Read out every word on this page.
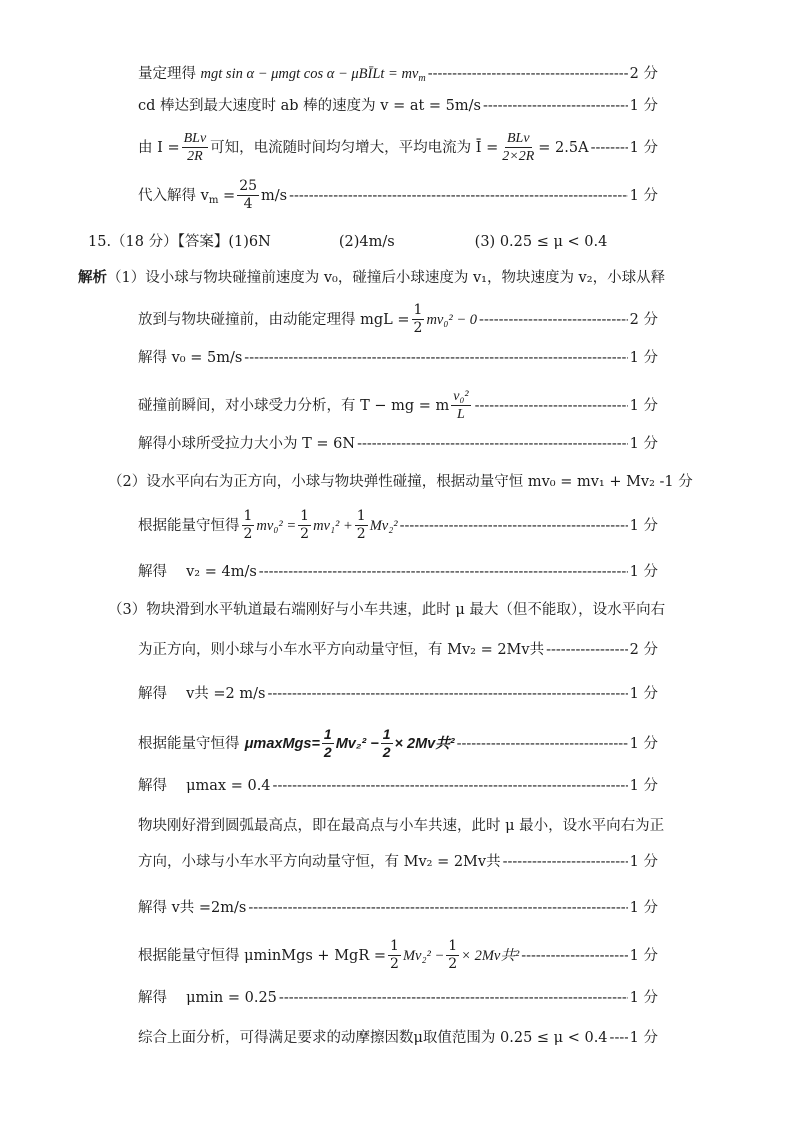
量定理得 mgt sin α − μmgt cos α − μBĪLt = $mv_m$ -----	2 分
cd 棒达到最大速度时 ab 棒的速度为 v = at = 5m/s -----	1 分
由 $I = \frac{\text{BLv}}{2R}$ 可知，电流随时间均匀增大，平均电流为 Ī = $\frac{\text{BLv}}{2\times 2R} = 2.5A$ -----	1 分
代入解得 $v_m = \frac{25}{4} m/s$ -----	1 分
15.（18 分）【答案】 (1)6N	(2)4m/s	(3) 0.25 ≤ μ < 0.4
解析 （1）设小球与物块碰撞前速度为 v₀，碰撞后小球速度为 v₁，物块速度为 v₂，小球从释
放到与物块碰撞前，由动能定理得 mgL = $\frac{1}{2} mv_0^2 - 0$ -----	2 分
解得 v₀ = 5m/s -----	1 分
碰撞前瞬间，对小球受力分析，有 T − mg = m $\frac{\text{v₀²}}{L}$ -----	1 分
解得小球所受拉力大小为 T = 6N -----	1 分
（2）设水平向右为正方向，小球与物块弹性碰撞，根据动量守恒 mv₀ = mv₁ + Mv₂ -1 分
根据能量守恒得 $\frac{1}{2} mv_0^2 = \frac{1}{2} mv_1^2 + \frac{1}{2} Mv_2^2$ -----	1 分
解得　 v₂ = 4m/s -----	1 分
（3）物块滑到水平轨道最右端刚好与小车共速，此时 μ 最大（但不能取），设水平向右
为正方向，则小球与小车水平方向动量守恒，有 Mv₂ = 2Mv共 -----	2 分
解得　 v共 =2 m/s -----	1 分
根据能量守恒得 μmaxMgs= $\frac{1}{2} Mv_2^2 - \frac{1}{2} \times 2Mv$共² -----	1 分
解得　 μmax = 0.4 -----	1 分
物块刚好滑到圆弧最高点，即在最高点与小车共速，此时 μ 最小，设水平向右为正
方向，小球与小车水平方向动量守恒，有 Mv₂ = 2Mv共 -----	1 分
解得 v共 =2m/s -----	1 分
根据能量守恒得 μminMgs + MgR = $\frac{1}{2} Mv_2^2 - \frac{1}{2} \times 2Mv$共² -----	1 分
解得　 μmin = 0.25 -----	1 分
综合上面分析，可得满足要求的动摩擦因数μ取值范围为 0.25 ≤ μ < 0.4 ----- 1 分
